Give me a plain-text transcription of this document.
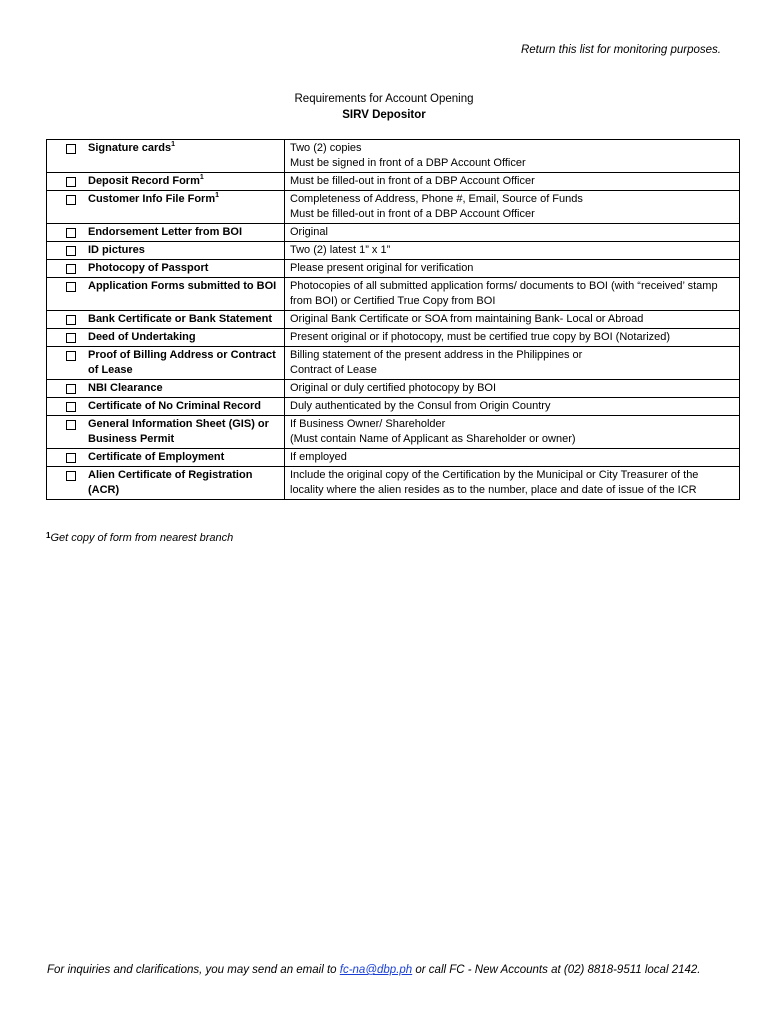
Return this list for monitoring purposes.
Requirements for Account Opening
SIRV Depositor
Signature cards$^1$	Two (2) copies
Must be signed in front of a DBP Account Officer

Deposit Record Form$^1$	Must be filled-out in front of a DBP Account Officer

Customer Info File Form$^1$	Completeness of Address, Phone #, Email, Source of Funds
Must be filled-out in front of a DBP Account Officer

Endorsement Letter from BOI	Original

ID pictures	Two (2) latest 1” x 1”

Photocopy of Passport	Please present original for verification

Application Forms submitted to BOI	Photocopies of all submitted application forms/ documents to BOI (with “received’ stamp from BOI) or Certified True Copy from BOI

Bank Certificate or Bank Statement	Original Bank Certificate or SOA from maintaining Bank- Local or Abroad

Deed of Undertaking	Present original or if photocopy, must be certified true copy by BOI (Notarized)

Proof of Billing Address or Contract of Lease	Billing statement of the present address in the Philippines or
Contract of Lease

NBI Clearance	Original or duly certified photocopy by BOI

Certificate of No Criminal Record	Duly authenticated by the Consul from Origin Country

General Information Sheet (GIS) or Business Permit	If Business Owner/ Shareholder
(Must contain Name of Applicant as Shareholder or owner)

Certificate of Employment	If employed

Alien Certificate of Registration (ACR)	Include the original copy of the Certification by the Municipal or City Treasurer of the locality where the alien resides as to the number, place and date of issue of the ICR
$^1$Get copy of form from nearest branch
For inquiries and clarifications, you may send an email to fc-na@dbp.ph or call FC - New Accounts at (02) 8818-9511 local 2142.
